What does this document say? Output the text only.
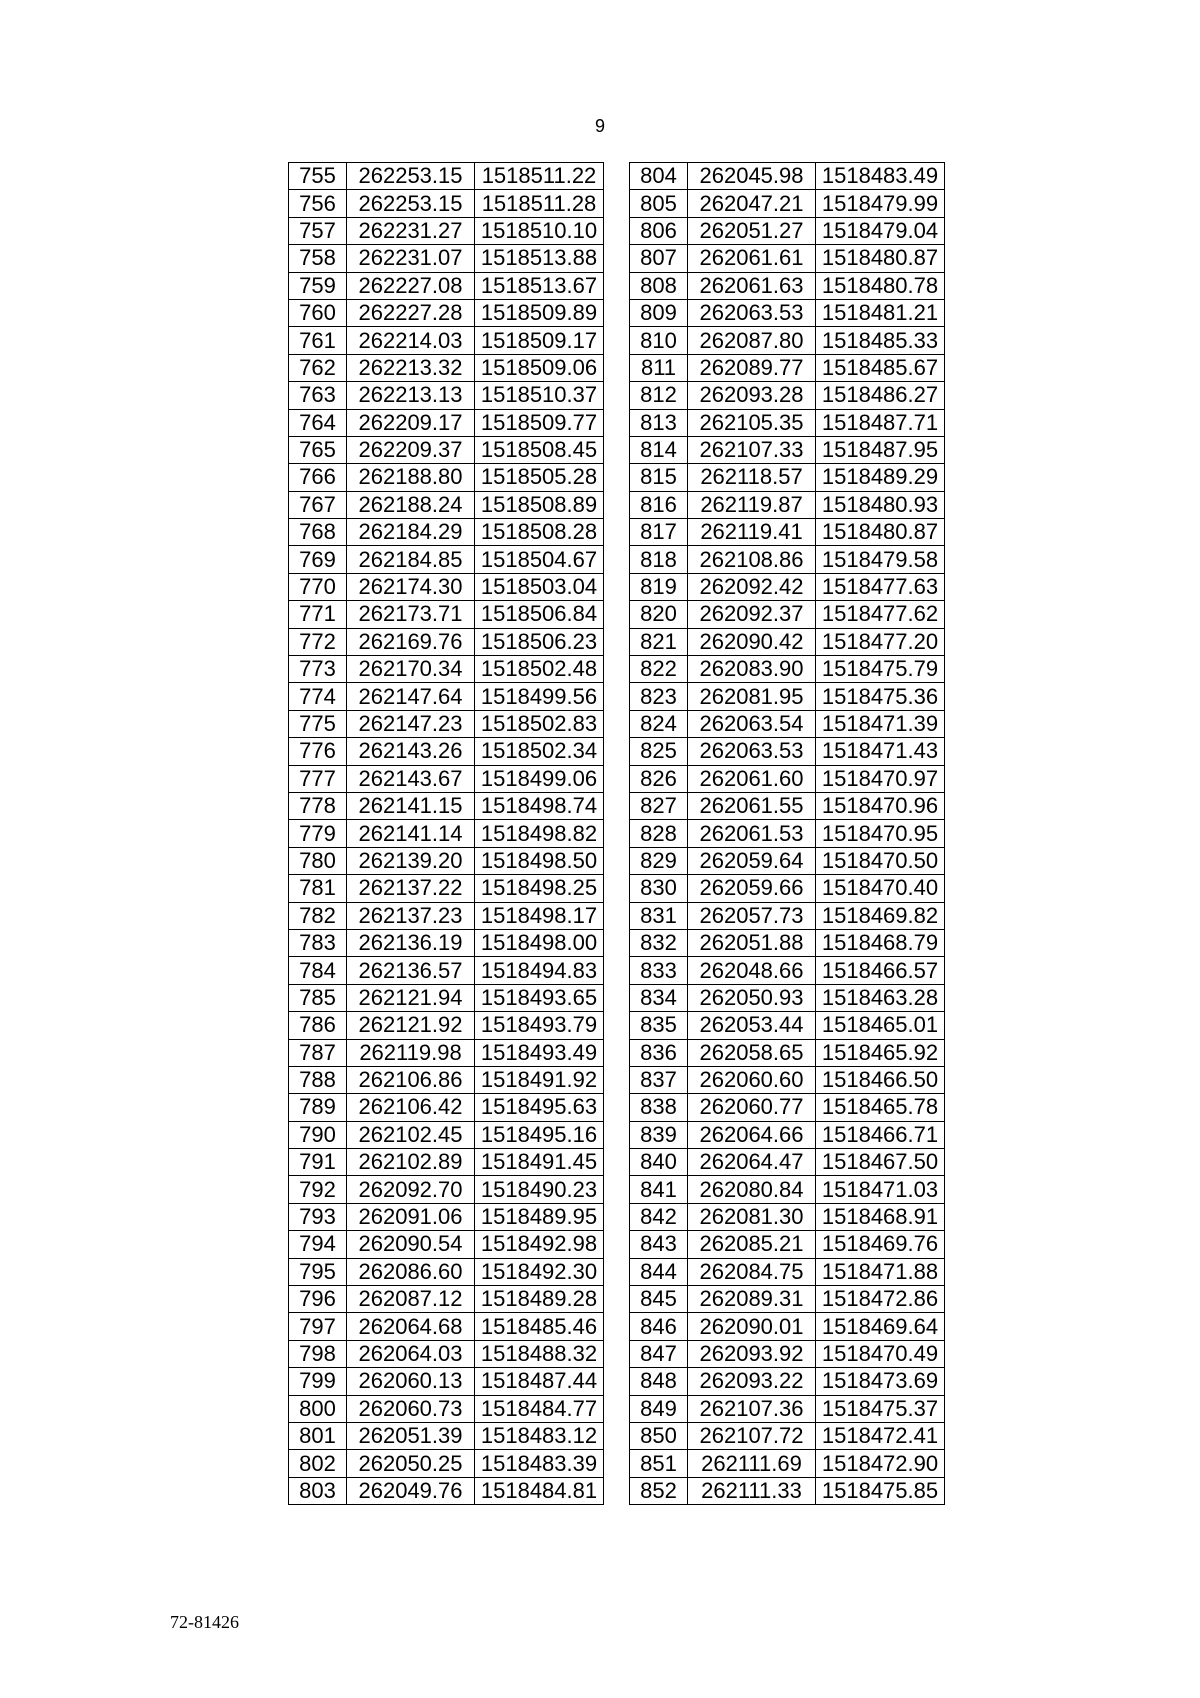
9
755	262253.15	1518511.22
756	262253.15	1518511.28
757	262231.27	1518510.10
758	262231.07	1518513.88
759	262227.08	1518513.67
760	262227.28	1518509.89
761	262214.03	1518509.17
762	262213.32	1518509.06
763	262213.13	1518510.37
764	262209.17	1518509.77
765	262209.37	1518508.45
766	262188.80	1518505.28
767	262188.24	1518508.89
768	262184.29	1518508.28
769	262184.85	1518504.67
770	262174.30	1518503.04
771	262173.71	1518506.84
772	262169.76	1518506.23
773	262170.34	1518502.48
774	262147.64	1518499.56
775	262147.23	1518502.83
776	262143.26	1518502.34
777	262143.67	1518499.06
778	262141.15	1518498.74
779	262141.14	1518498.82
780	262139.20	1518498.50
781	262137.22	1518498.25
782	262137.23	1518498.17
783	262136.19	1518498.00
784	262136.57	1518494.83
785	262121.94	1518493.65
786	262121.92	1518493.79
787	262119.98	1518493.49
788	262106.86	1518491.92
789	262106.42	1518495.63
790	262102.45	1518495.16
791	262102.89	1518491.45
792	262092.70	1518490.23
793	262091.06	1518489.95
794	262090.54	1518492.98
795	262086.60	1518492.30
796	262087.12	1518489.28
797	262064.68	1518485.46
798	262064.03	1518488.32
799	262060.13	1518487.44
800	262060.73	1518484.77
801	262051.39	1518483.12
802	262050.25	1518483.39
803	262049.76	1518484.81
804	262045.98	1518483.49
805	262047.21	1518479.99
806	262051.27	1518479.04
807	262061.61	1518480.87
808	262061.63	1518480.78
809	262063.53	1518481.21
810	262087.80	1518485.33
811	262089.77	1518485.67
812	262093.28	1518486.27
813	262105.35	1518487.71
814	262107.33	1518487.95
815	262118.57	1518489.29
816	262119.87	1518480.93
817	262119.41	1518480.87
818	262108.86	1518479.58
819	262092.42	1518477.63
820	262092.37	1518477.62
821	262090.42	1518477.20
822	262083.90	1518475.79
823	262081.95	1518475.36
824	262063.54	1518471.39
825	262063.53	1518471.43
826	262061.60	1518470.97
827	262061.55	1518470.96
828	262061.53	1518470.95
829	262059.64	1518470.50
830	262059.66	1518470.40
831	262057.73	1518469.82
832	262051.88	1518468.79
833	262048.66	1518466.57
834	262050.93	1518463.28
835	262053.44	1518465.01
836	262058.65	1518465.92
837	262060.60	1518466.50
838	262060.77	1518465.78
839	262064.66	1518466.71
840	262064.47	1518467.50
841	262080.84	1518471.03
842	262081.30	1518468.91
843	262085.21	1518469.76
844	262084.75	1518471.88
845	262089.31	1518472.86
846	262090.01	1518469.64
847	262093.92	1518470.49
848	262093.22	1518473.69
849	262107.36	1518475.37
850	262107.72	1518472.41
851	262111.69	1518472.90
852	262111.33	1518475.85
72-81426
